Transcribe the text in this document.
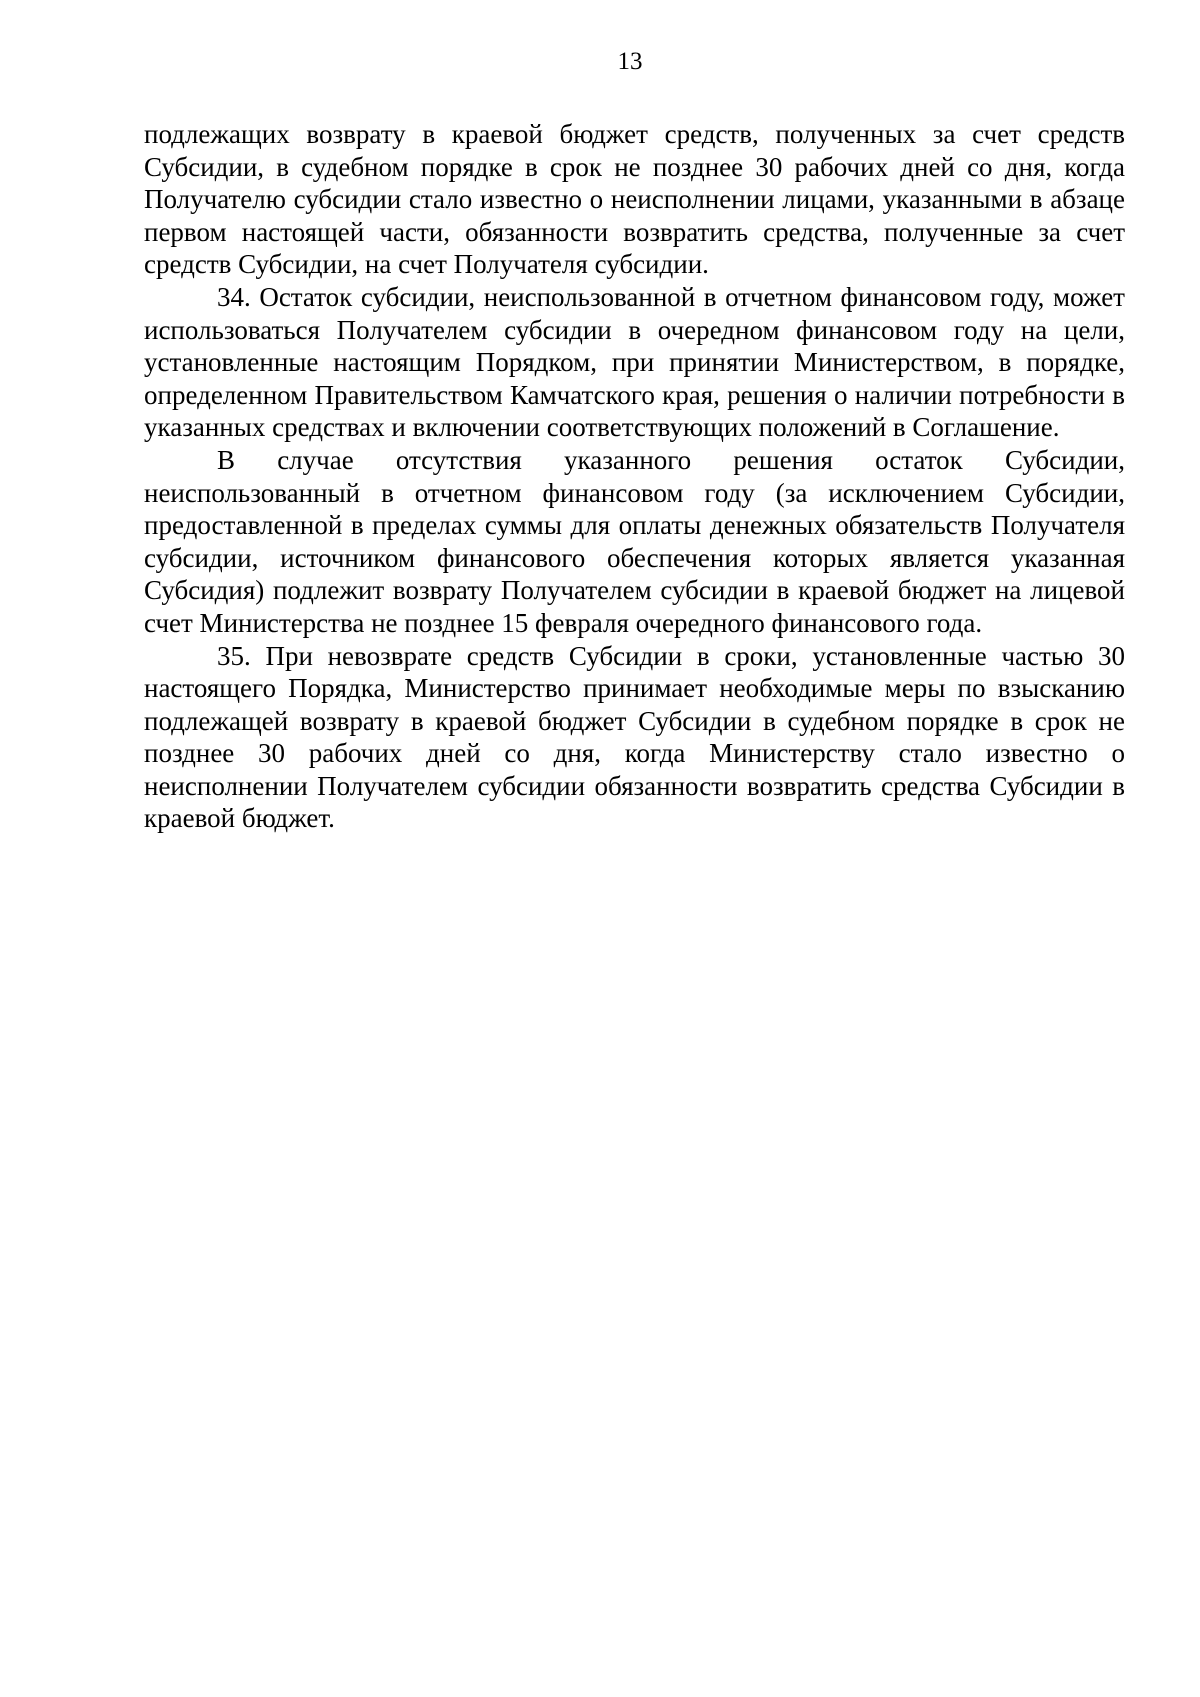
13

подлежащих возврату в краевой бюджет средств, полученных за счет средств Субсидии, в судебном порядке в срок не позднее 30 рабочих дней со дня, когда Получателю субсидии стало известно о неисполнении лицами, указанными в абзаце первом настоящей части, обязанности возвратить средства, полученные за счет средств Субсидии, на счет Получателя субсидии.

34. Остаток субсидии, неиспользованной в отчетном финансовом году, может использоваться Получателем субсидии в очередном финансовом году на цели, установленные настоящим Порядком, при принятии Министерством, в порядке, определенном Правительством Камчатского края, решения о наличии потребности в указанных средствах и включении соответствующих положений в Соглашение.

В случае отсутствия указанного решения остаток Субсидии, неиспользованный в отчетном финансовом году (за исключением Субсидии, предоставленной в пределах суммы для оплаты денежных обязательств Получателя субсидии, источником финансового обеспечения которых является указанная Субсидия) подлежит возврату Получателем субсидии в краевой бюджет на лицевой счет Министерства не позднее 15 февраля очередного финансового года.

35. При невозврате средств Субсидии в сроки, установленные частью 30 настоящего Порядка, Министерство принимает необходимые меры по взысканию подлежащей возврату в краевой бюджет Субсидии в судебном порядке в срок не позднее 30 рабочих дней со дня, когда Министерству стало известно о неисполнении Получателем субсидии обязанности возвратить средства Субсидии в краевой бюджет.
